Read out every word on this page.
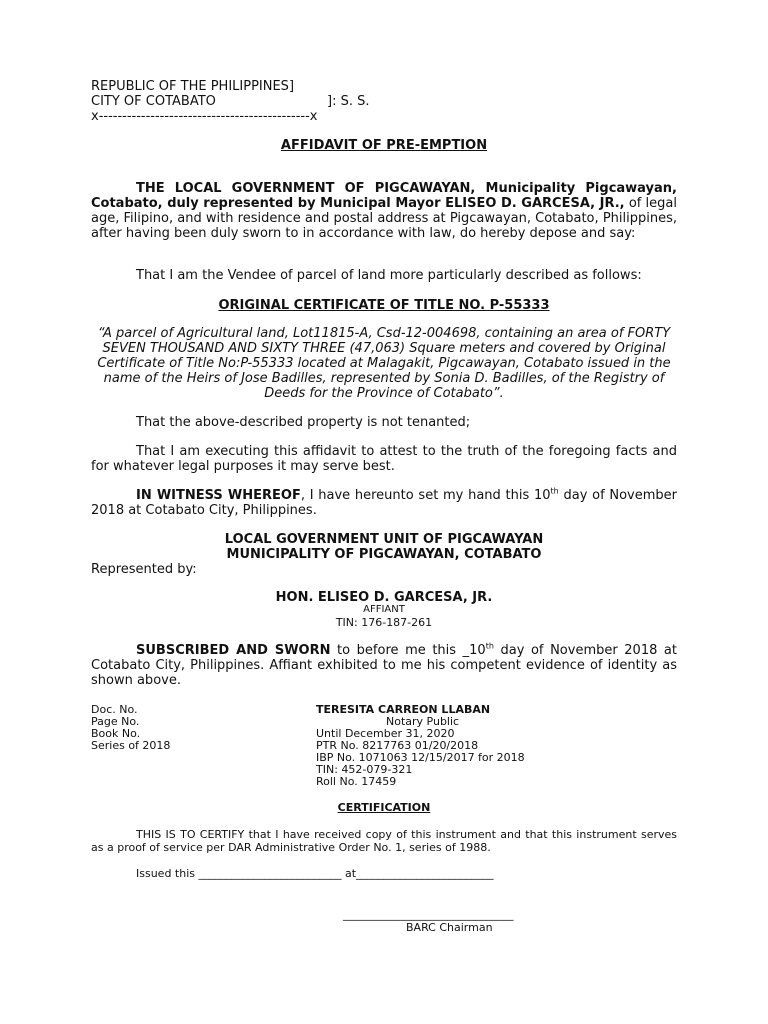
REPUBLIC OF THE PHILIPPINES]

CITY OF COTABATO	]: S. S.

x---------------------------------------------x

AFFIDAVIT OF PRE-EMPTION

THE LOCAL GOVERNMENT OF PIGCAWAYAN, Municipality Pigcawayan, Cotabato, duly represented by Municipal Mayor ELISEO D. GARCESA, JR., of legal age, Filipino, and with residence and postal address at Pigcawayan, Cotabato, Philippines, after having been duly sworn to in accordance with law, do hereby depose and say:

That I am the Vendee of parcel of land more particularly described as follows:

ORIGINAL CERTIFICATE OF TITLE NO. P-55333

“A parcel of Agricultural land, Lot11815-A, Csd-12-004698, containing an area of FORTY SEVEN THOUSAND AND SIXTY THREE (47,063) Square meters and covered by Original Certificate of Title No:P-55333 located at Malagakit, Pigcawayan, Cotabato issued in the name of the Heirs of Jose Badilles, represented by Sonia D. Badilles, of the Registry of Deeds for the Province of Cotabato”.

That the above-described property is not tenanted;

That I am executing this affidavit to attest to the truth of the foregoing facts and for whatever legal purposes it may serve best.

IN WITNESS WHEREOF, I have hereunto set my hand this 10th day of November 2018 at Cotabato City, Philippines.

LOCAL GOVERNMENT UNIT OF PIGCAWAYAN

MUNICIPALITY OF PIGCAWAYAN, COTABATO

Represented by:

HON. ELISEO D. GARCESA, JR.

AFFIANT

TIN: 176-187-261

SUBSCRIBED AND SWORN to before me this _10th day of November 2018 at Cotabato City, Philippines. Affiant exhibited to me his competent evidence of identity as shown above.

Doc. No.

Page No.

Book No.

Series of 2018

TERESITA CARREON LLABAN

Notary Public

Until December 31, 2020

PTR No. 8217763 01/20/2018

IBP No. 1071063 12/15/2017 for 2018

TIN: 452-079-321

Roll No. 17459

CERTIFICATION

THIS IS TO CERTIFY that I have received copy of this instrument and that this instrument serves as a proof of service per DAR Administrative Order No. 1, series of 1988.

Issued this __________________________ at_________________________

_______________________________

BARC Chairman
